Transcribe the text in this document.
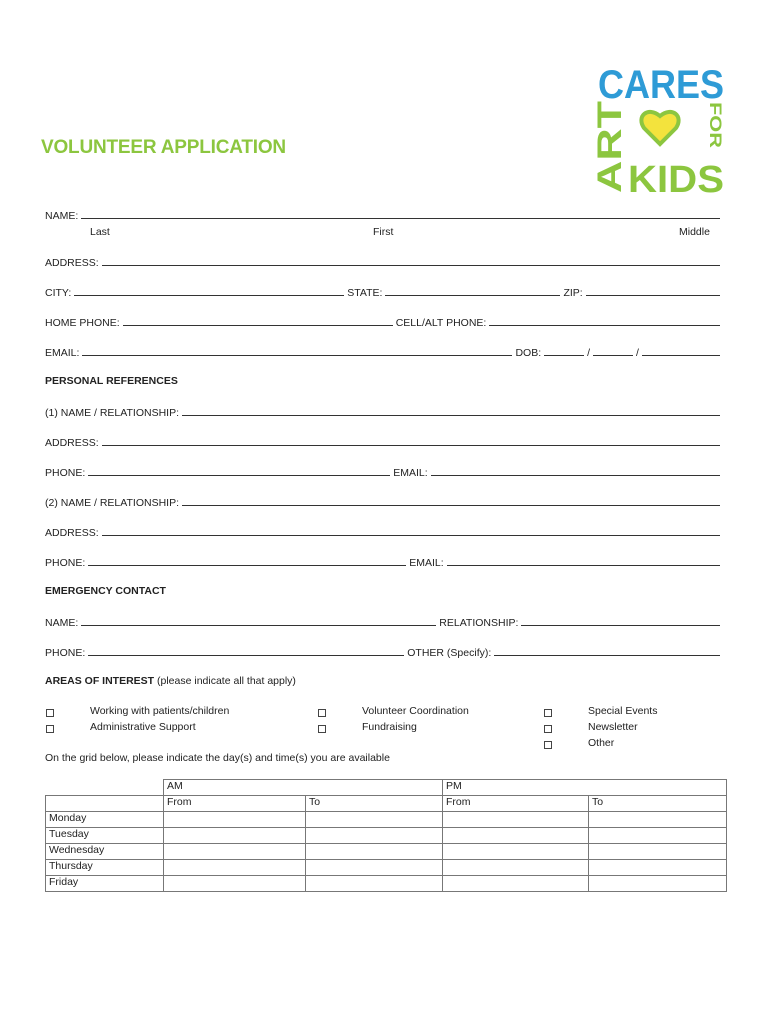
CARES
ART
FOR
KIDS
VOLUNTEER APPLICATION
NAME:
Last	First	Middle
ADDRESS:
CITY:	STATE:	ZIP:
HOME PHONE:	CELL/ALT PHONE:
EMAIL:	DOB:	/	/
PERSONAL REFERENCES
(1) NAME / RELATIONSHIP:
ADDRESS:
PHONE:	EMAIL:
(2) NAME / RELATIONSHIP:
ADDRESS:
PHONE:	EMAIL:
EMERGENCY CONTACT
NAME:	RELATIONSHIP:
PHONE:	OTHER (Specify):
AREAS OF INTEREST (please indicate all that apply)
Working with patients/children
Administrative Support
Volunteer Coordination
Fundraising
Special Events
Newsletter
Other
On the grid below, please indicate the day(s) and time(s) you are available
	AM		PM	
	From	To	From	To
Monday				
Tuesday				
Wednesday				
Thursday				
Friday				
